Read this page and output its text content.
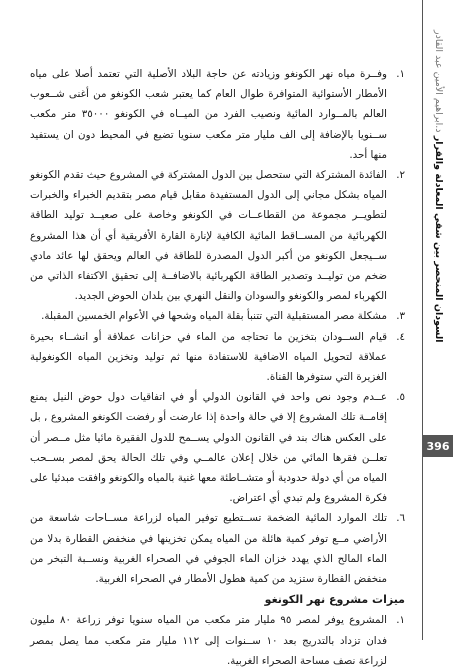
السودان المنحصر بين شقي المعادلة والقرار د.ابراهيم الأمين عبد القادر
396
١.
وفــرة مياه نهر الكونغو وزيادته عن حاجة البلاد الأصلية التي تعتمد أصلا على مياه الأمطار الأستوائية المتوافرة طوال العام كما يعتبر شعب الكونغو من أغنى شــعوب العالم بالمــوارد المائية ونصيب الفرد من الميــاه في الكونغو ٣٥٠٠٠ متر مكعب ســنويا بالإضافة إلى الف مليار متر مكعب سنويا تضيع في المحيط دون ان يستفيد منها أحد.
٢.
الفائدة المشتركة التي ستحصل بين الدول المشتركة في المشروع حيث تقدم الكونغو المياه بشكل مجاني إلى الدول المستفيدة مقابل قيام مصر بتقديم الخبراء والخبرات لتطويــر مجموعة من القطاعــات في الكونغو وخاصة على صعيــد توليد الطاقة الكهربائية من المســاقط المائية الكافية لإنارة القارة الأفريقية أي أن هذا المشروع ســيجعل الكونغو من أكبر الدول المصدرة للطاقة في العالم ويحقق لها عائد مادي ضخم من توليــد وتصدير الطاقة الكهربائية بالاضافــة إلى تحقيق الاكتفاء الذاتي من الكهرباء لمصر والكونغو والسودان والنقل النهري بين بلدان الحوض الجديد.
٣.
مشكلة مصر المستقبلية التي تتنبأ بقلة المياه وشحها في الأعوام الخمسين المقبلة.
٤.
قيام الســودان بتخزين ما تحتاجه من الماء في حزانات عملاقة أو انشــاء بحيرة عملاقة لتحويل المياه الاضافية للاستفادة منها ثم توليد وتخزين المياه الكونغولية الغزيرة التي ستوفرها القناة.
٥.
عــدم وجود نص واحد في القانون الدولي أو في اتفاقيات دول حوض النيل يمنع إقامــة تلك المشروع إلا في حالة واحدة إذا عارضت أو رفضت الكونغو المشروع , بل على العكس هناك بند في القانون الدولي يســمح للدول الفقيرة مائيا مثل مــصر أن تعلــن فقرها المائي من خلال إعلان عالمــي وفي تلك الحالة يحق لمصر بســحب المياه من أي دولة حدودية أو متشــاطئة معها غنية بالمياه والكونغو وافقت مبدئيا على فكرة المشروع ولم تبدي أي اعتراض.
٦.
تلك الموارد المائية الضخمة تســتطيع توفير المياه لزراعة مســاحات شاسعة من الأراضي مــع توفر كمية هائلة من المياه يمكن تخزينها في منخفض القطارة بدلا من الماء المالح الذي يهدد خزان الماء الجوفي في الصحراء الغربية ونســبة التبخر من منخفض القطارة ستزيد من كمية هطول الأمطار في الصحراء الغربية.
ميزات مشروع نهر الكونغو
١.
المشروع يوفر لمصر ٩٥ مليار متر مكعب من المياه سنويا توفر زراعة ٨٠ مليون فدان تزداد بالتدريج بعد ١٠ ســنوات إلى ١١٢ مليار متر مكعب مما يصل بمصر لزراعة نصف مساحة الصحراء الغربية.
